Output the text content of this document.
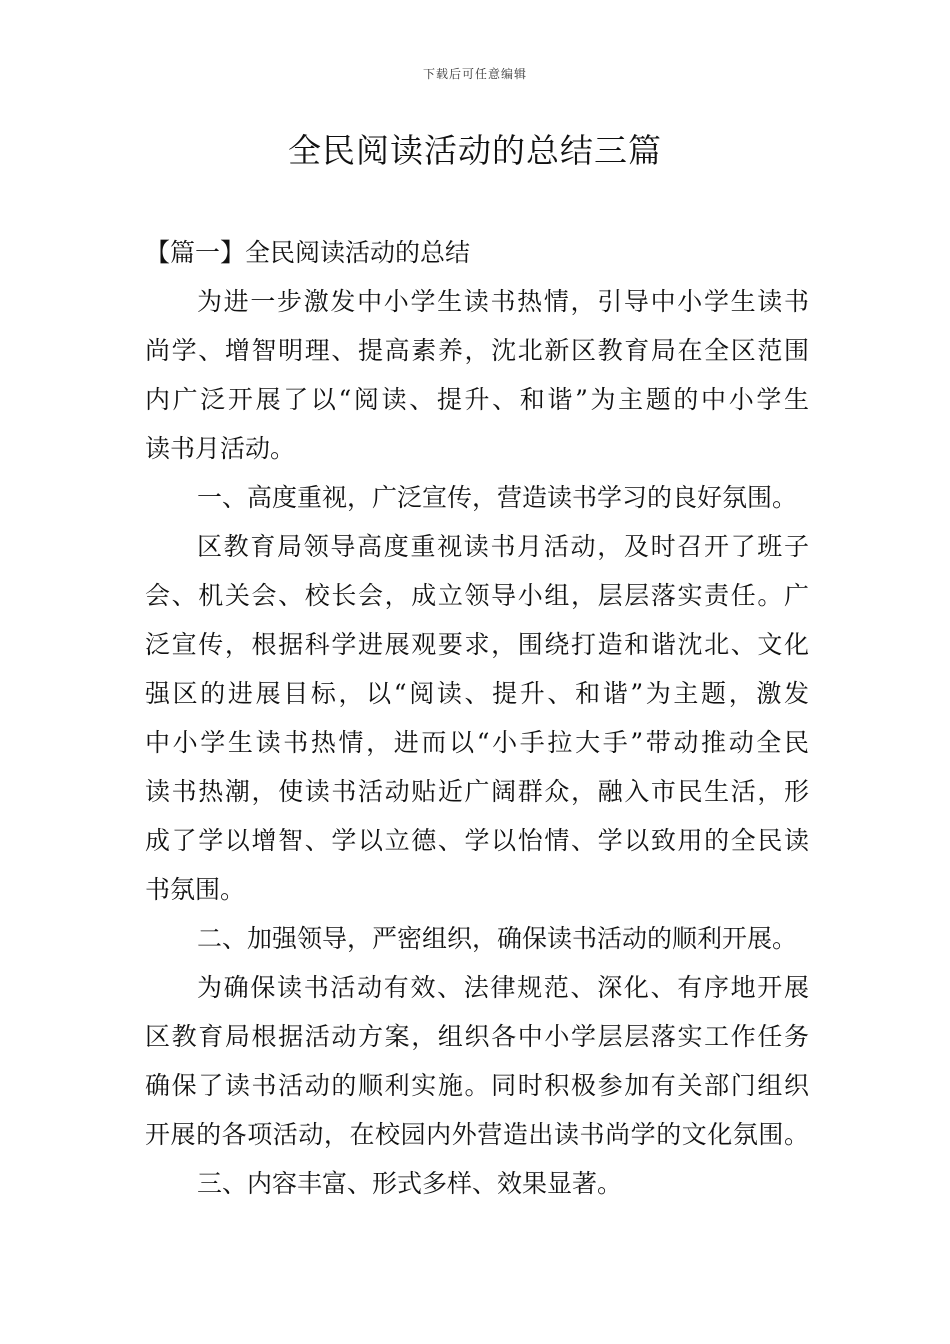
下载后可任意编辑
全民阅读活动的总结三篇
【篇一】全民阅读活动的总结
为进一步激发中小学生读书热情，引导中小学生读书
尚学、增智明理、提高素养，沈北新区教育局在全区范围
内广泛开展了以“阅读、提升、和谐”为主题的中小学生
读书月活动。
一、高度重视，广泛宣传，营造读书学习的良好氛围。
区教育局领导高度重视读书月活动，及时召开了班子
会、机关会、校长会，成立领导小组，层层落实责任。广
泛宣传，根据科学进展观要求，围绕打造和谐沈北、文化
强区的进展目标，以“阅读、提升、和谐”为主题，激发
中小学生读书热情，进而以“小手拉大手”带动推动全民
读书热潮，使读书活动贴近广阔群众，融入市民生活，形
成了学以增智、学以立德、学以怡情、学以致用的全民读
书氛围。
二、加强领导，严密组织，确保读书活动的顺利开展。
为确保读书活动有效、法律规范、深化、有序地开展
区教育局根据活动方案，组织各中小学层层落实工作任务
确保了读书活动的顺利实施。同时积极参加有关部门组织
开展的各项活动，在校园内外营造出读书尚学的文化氛围。
三、内容丰富、形式多样、效果显著。
